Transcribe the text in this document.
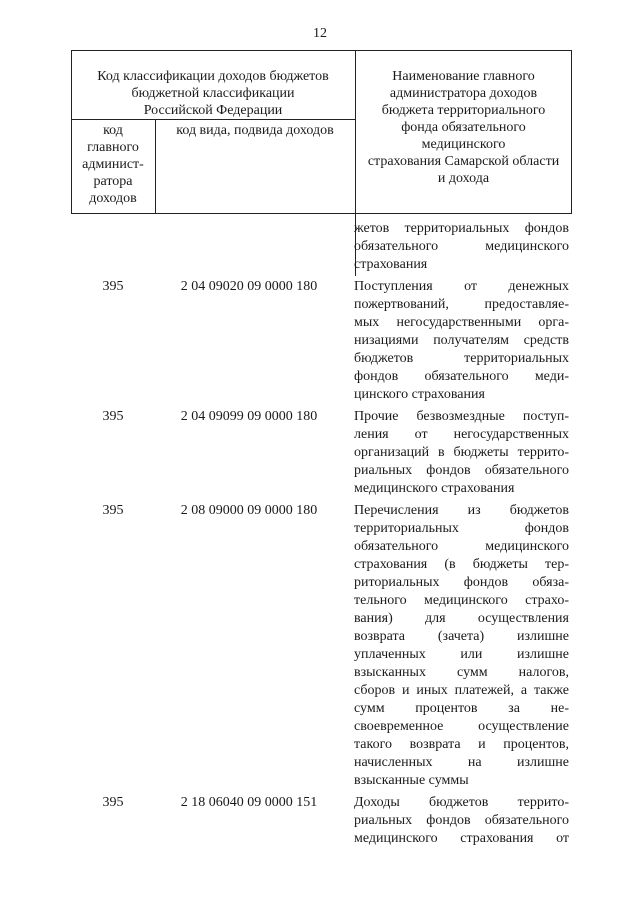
12
Код классификации доходов бюджетов
бюджетной классификации
Российской Федерации
код
главного
админист-
ратора
доходов
код вида, подвида доходов
Наименование главного
администратора доходов
бюджета территориального
фонда обязательного
медицинского
страхования Самарской области
и дохода
жетов территориальных фондов
обязательного медицинского
страхования
395	2 04 09020 09 0000 180	Поступления от денежных
пожертвований, предоставляе-
мых негосударственными орга-
низациями получателям средств
бюджетов территориальных
фондов обязательного меди-
цинского страхования
395	2 04 09099 09 0000 180	Прочие безвозмездные поступ-
ления от негосударственных
организаций в бюджеты террито-
риальных фондов обязательного
медицинского страхования
395	2 08 09000 09 0000 180	Перечисления из бюджетов
территориальных фондов
обязательного медицинского
страхования (в бюджеты тер-
риториальных фондов обяза-
тельного медицинского страхо-
вания) для осуществления
возврата (зачета) излишне
уплаченных или излишне
взысканных сумм налогов,
сборов и иных платежей, а также
сумм процентов за не-
своевременное осуществление
такого возврата и процентов,
начисленных на излишне
взысканные суммы
395	2 18 06040 09 0000 151	Доходы бюджетов террито-
риальных фондов обязательного
медицинского страхования от
